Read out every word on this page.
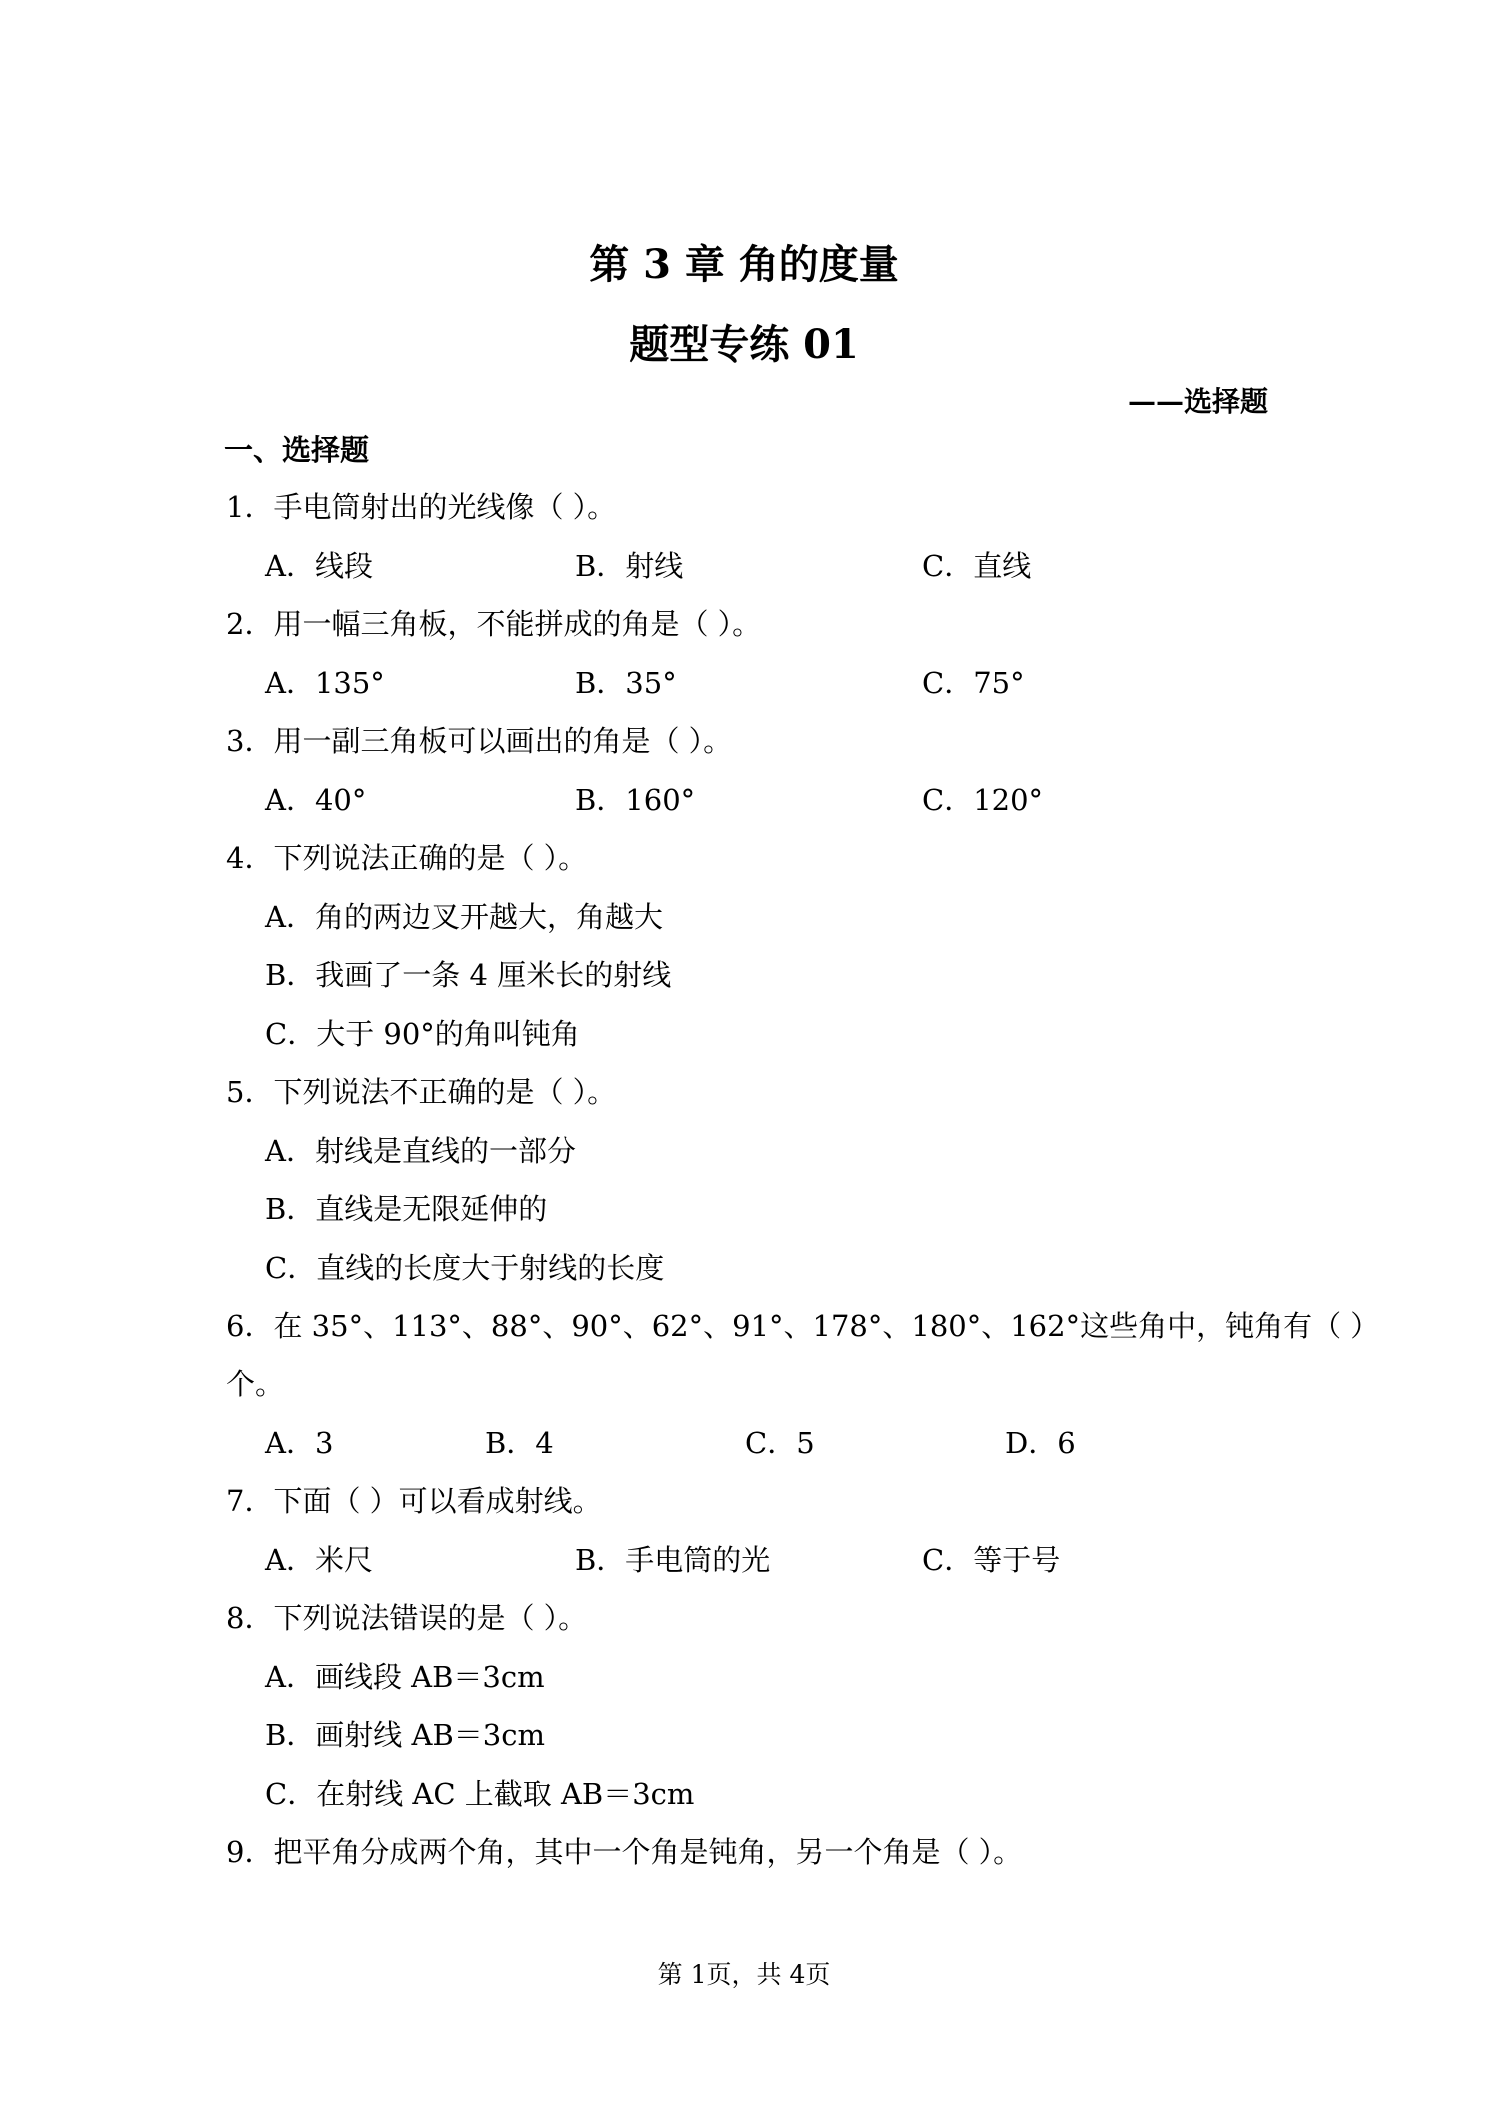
第 3 章 角的度量
题型专练 01
——选择题
一、选择题
1．手电筒射出的光线像（ ）。
A．线段	B．射线	C．直线
2．用一幅三角板，不能拼成的角是（ ）。
A．135°	B．35°	C．75°
3．用一副三角板可以画出的角是（ ）。
A．40°	B．160°	C．120°
4．下列说法正确的是（ ）。
A．角的两边叉开越大，角越大
B．我画了一条 4 厘米长的射线
C．大于 90°的角叫钝角
5．下列说法不正确的是（ ）。
A．射线是直线的一部分
B．直线是无限延伸的
C．直线的长度大于射线的长度
6．在 35°、113°、88°、90°、62°、91°、178°、180°、162°这些角中，钝角有（ ）
个。
A．3	B．4	C．5	D．6
7．下面（ ）可以看成射线。
A．米尺	B．手电筒的光	C．等于号
8．下列说法错误的是（ ）。
A．画线段 AB＝3cm
B．画射线 AB＝3cm
C．在射线 AC 上截取 AB＝3cm
9．把平角分成两个角，其中一个角是钝角，另一个角是（ ）。
第 1页，共 4页
